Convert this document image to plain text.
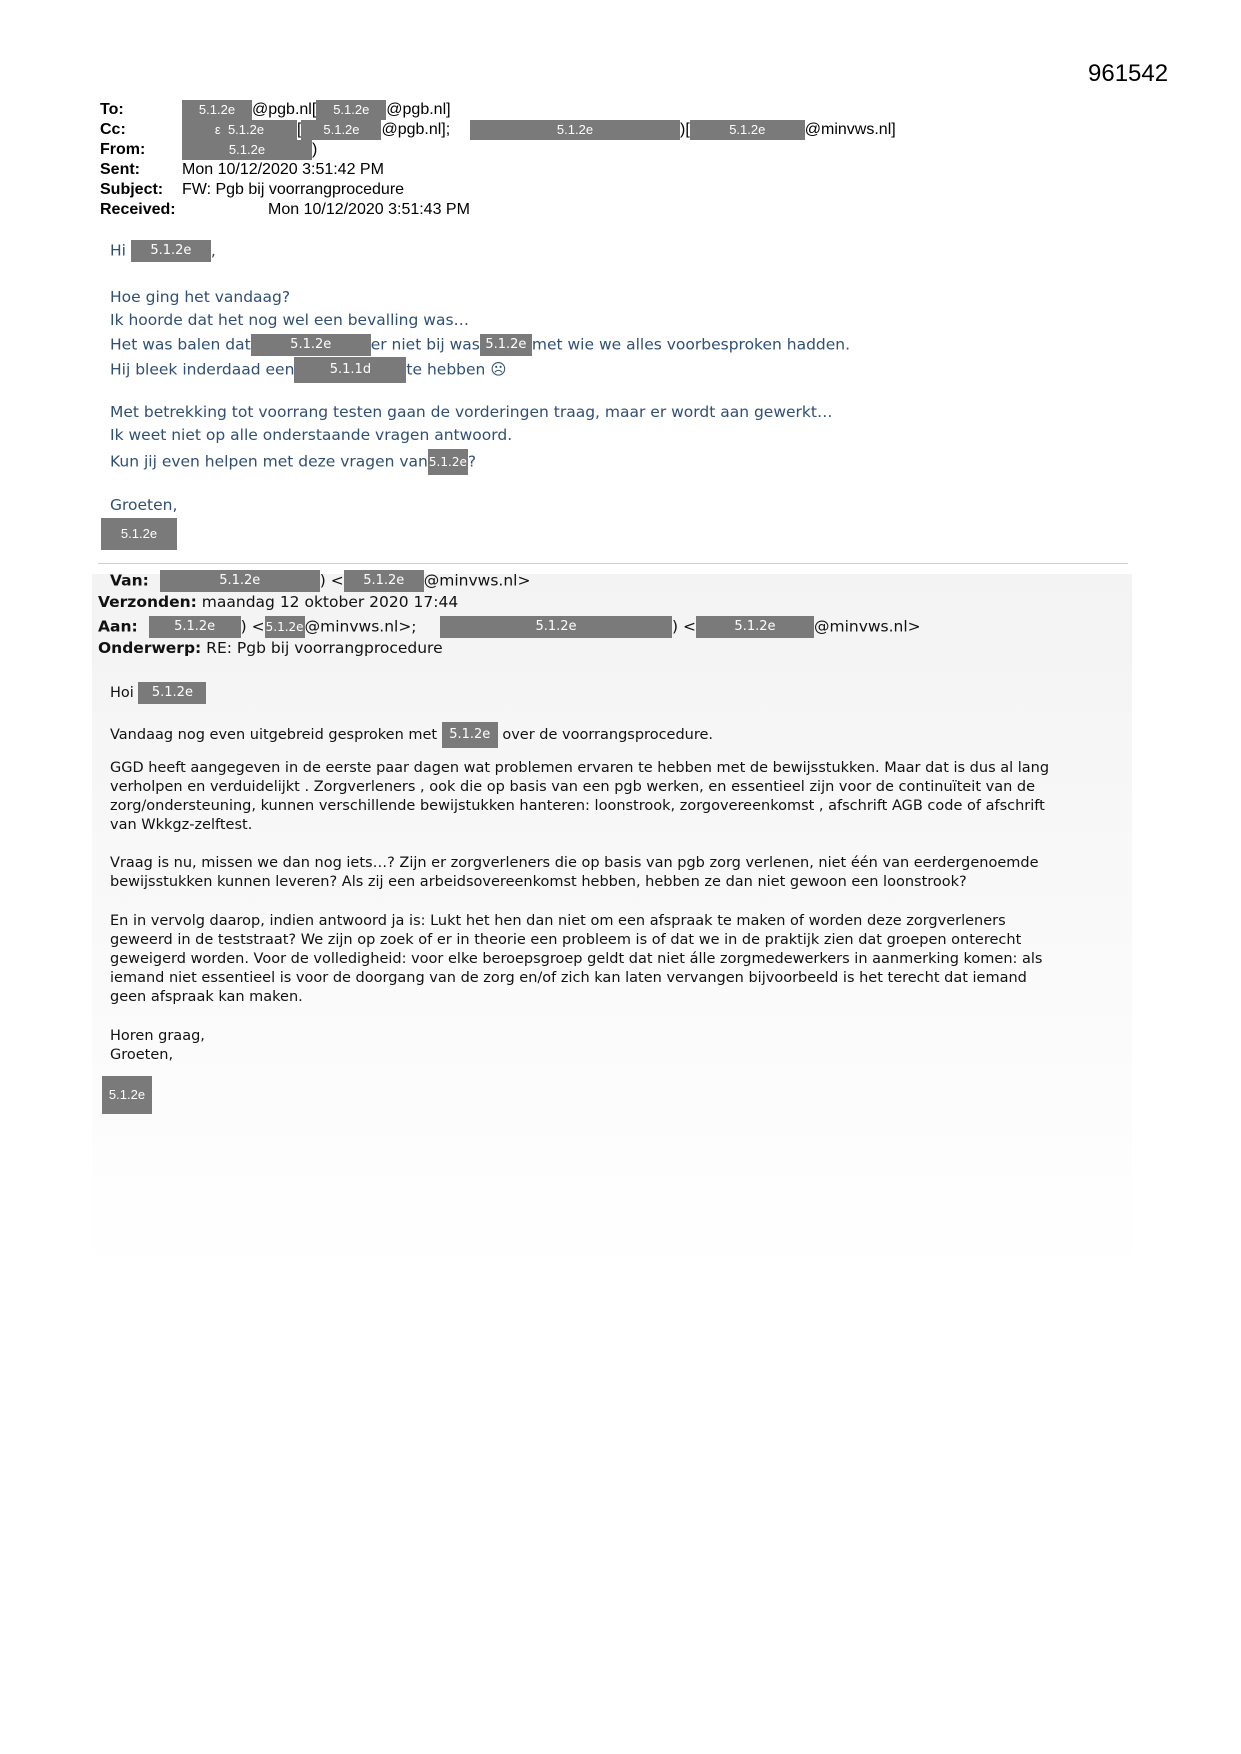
961542
To:	5.1.2e @pgb.nl[ 5.1.2e @pgb.nl]
Cc:	ε 5.1.2e [ 5.1.2e @pgb.nl];	5.1.2e	)[	5.1.2e @minvws.nl]
From:	5.1.2e	)
Sent:	Mon 10/12/2020 3:51:42 PM
Subject: FW: Pgb bij voorrangprocedure
Received:	Mon 10/12/2020 3:51:43 PM
Hi 5.1.2e ,
Hoe ging het vandaag?
Ik hoorde dat het nog wel een bevalling was…
Het was balen dat	5.1.2e	er niet bij was 5.1.2e met wie we alles voorbesproken hadden.
Hij bleek inderdaad een	5.1.1d te hebben ☹
Met betrekking tot voorrang testen gaan de vorderingen traag, maar er wordt aan gewerkt…
Ik weet niet op alle onderstaande vragen antwoord.
Kun jij even helpen met deze vragen van5.1.2e?
Groeten,
5.1.2e
Van:	5.1.2e	) < 5.1.2e @minvws.nl>
Verzonden: maandag 12 oktober 2020 17:44
Aan:	5.1.2e ) <5.1.2e@minvws.nl>;	5.1.2e	) <	5.1.2e @minvws.nl>
Onderwerp: RE: Pgb bij voorrangprocedure
Hoi 5.1.2e
Vandaag nog even uitgebreid gesproken met 5.1.2e over de voorrangsprocedure.
GGD heeft aangegeven in de eerste paar dagen wat problemen ervaren te hebben met de bewijsstukken. Maar dat is dus al lang
verholpen en verduidelijkt . Zorgverleners , ook die op basis van een pgb werken, en essentieel zijn voor de continuïteit van de
zorg/ondersteuning, kunnen verschillende bewijstukken hanteren: loonstrook, zorgovereenkomst , afschrift AGB code of afschrift
van Wkkgz-zelftest.
Vraag is nu, missen we dan nog iets…? Zijn er zorgverleners die op basis van pgb zorg verlenen, niet één van eerdergenoemde
bewijsstukken kunnen leveren? Als zij een arbeidsovereenkomst hebben, hebben ze dan niet gewoon een loonstrook?
En in vervolg daarop, indien antwoord ja is: Lukt het hen dan niet om een afspraak te maken of worden deze zorgverleners
geweerd in de teststraat? We zijn op zoek of er in theorie een probleem is of dat we in de praktijk zien dat groepen onterecht
geweigerd worden. Voor de volledigheid: voor elke beroepsgroep geldt dat niet álle zorgmedewerkers in aanmerking komen: als
iemand niet essentieel is voor de doorgang van de zorg en/of zich kan laten vervangen bijvoorbeeld is het terecht dat iemand
geen afspraak kan maken.
Horen graag,
Groeten,
5.1.2e
